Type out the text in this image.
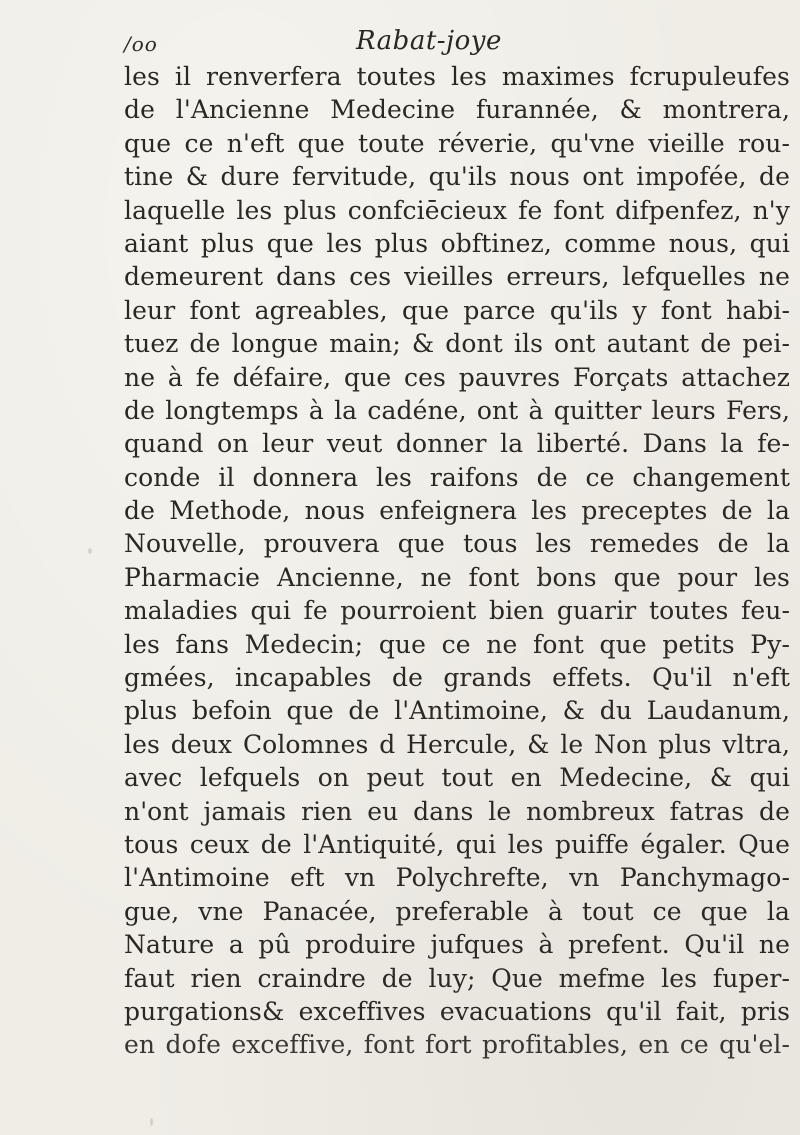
/oo	Rabat-joye
les il renverfera toutes les maximes fcrupuleufes
de l'Ancienne Medecine furannée, & montrera,
que ce n'eft que toute réverie, qu'vne vieille rou-
tine & dure fervitude, qu'ils nous ont impofée, de
laquelle les plus confciēcieux fe font difpenfez, n'y
aiant plus que les plus obftinez, comme nous, qui
demeurent dans ces vieilles erreurs, lefquelles ne
leur font agreables, que parce qu'ils y font habi-
tuez de longue main; & dont ils ont autant de pei-
ne à fe défaire, que ces pauvres Forçats attachez
de longtemps à la cadéne, ont à quitter leurs Fers,
quand on leur veut donner la liberté. Dans la fe-
conde il donnera les raifons de ce changement
de Methode, nous enfeignera les preceptes de la
Nouvelle, prouvera que tous les remedes de la
Pharmacie Ancienne, ne font bons que pour les
maladies qui fe pourroient bien guarir toutes feu-
les fans Medecin; que ce ne font que petits Py-
gmées, incapables de grands effets. Qu'il n'eft
plus befoin que de l'Antimoine, & du Laudanum,
les deux Colomnes d Hercule, & le Non plus vltra,
avec lefquels on peut tout en Medecine, & qui
n'ont jamais rien eu dans le nombreux fatras de
tous ceux de l'Antiquité, qui les puiffe égaler. Que
l'Antimoine eft vn Polychrefte, vn Panchymago-
gue, vne Panacée, preferable à tout ce que la
Nature a pû produire jufques à prefent. Qu'il ne
faut rien craindre de luy; Que mefme les fuper-
purgations& exceffives evacuations qu'il fait, pris
en dofe exceffive, font fort profitables, en ce qu'el-
